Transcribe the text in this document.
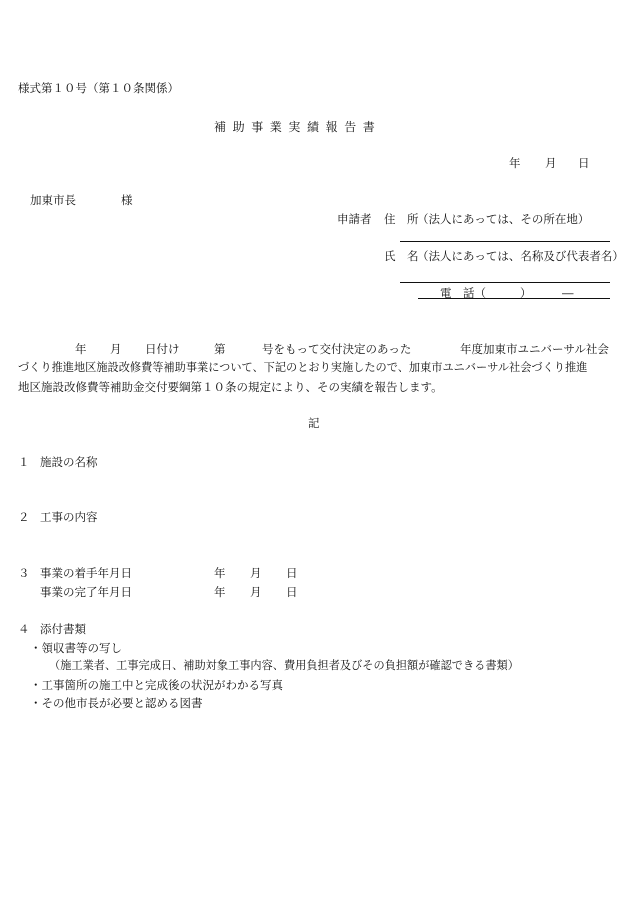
様式第１０号（第１０条関係）
補助事業実績報告書
年 月 日
加東市長	様
申請者 住　所
（法人にあっては、その所在地）
氏　名
（法人にあっては、名称及び代表者名）
電　話（	）	―
年 月 日付け	第	号をもって交付決定のあった	年度加東市ユニバーサル社会
づくり推進地区施設改修費等補助事業について、下記のとおり実施したので、加東市ユニバーサル社会づくり推進
地区施設改修費等補助金交付要綱第１０条の規定により、その実績を報告します。
記
１ 施設の名称
２ 工事の内容
３ 事業の着手年月日	年 月 日
事業の完了年月日	年 月 日
４ 添付書類
・領収書等の写し
（施工業者、工事完成日、補助対象工事内容、費用負担者及びその負担額が確認できる書類）
・工事箇所の施工中と完成後の状況がわかる写真
・その他市長が必要と認める図書
